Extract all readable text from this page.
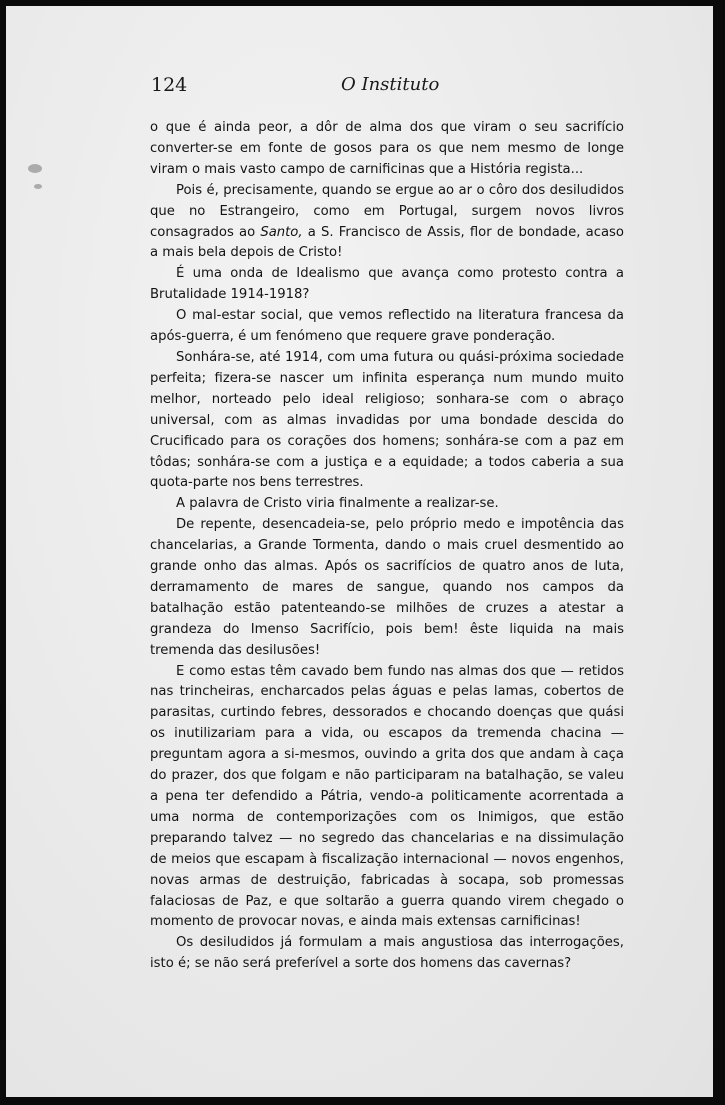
124	O Instituto

o que é ainda peor, a dôr de alma dos que viram o seu sacrifício converter-se em fonte de gosos para os que nem mesmo de longe viram o mais vasto campo de carnificinas que a História regista...

Pois é, precisamente, quando se ergue ao ar o côro dos desiludidos que no Estrangeiro, como em Portugal, surgem novos livros consagrados ao Santo, a S. Francisco de Assis, flor de bondade, acaso a mais bela depois de Cristo!

É uma onda de Idealismo que avança como protesto contra a Brutalidade 1914-1918?

O mal-estar social, que vemos reflectido na literatura francesa da após-guerra, é um fenómeno que requere grave ponderação.

Sonhára-se, até 1914, com uma futura ou quási-próxima sociedade perfeita; fizera-se nascer um infinita esperança num mundo muito melhor, norteado pelo ideal religioso; sonhara-se com o abraço universal, com as almas invadidas por uma bondade descida do Crucificado para os corações dos homens; sonhára-se com a paz em tôdas; sonhára-se com a justiça e a equidade; a todos caberia a sua quota-parte nos bens terrestres.

A palavra de Cristo viria finalmente a realizar-se.

De repente, desencadeia-se, pelo próprio medo e impotência das chancelarias, a Grande Tormenta, dando o mais cruel desmentido ao grande onho das almas. Após os sacrifícios de quatro anos de luta, derramamento de mares de sangue, quando nos campos da batalhação estão patenteando-se milhões de cruzes a atestar a grandeza do Imenso Sacrifício, pois bem! êste liquida na mais tremenda das desilusões!

E como estas têm cavado bem fundo nas almas dos que — retidos nas trincheiras, encharcados pelas águas e pelas lamas, cobertos de parasitas, curtindo febres, dessorados e chocando doenças que quási os inutilizariam para a vida, ou escapos da tremenda chacina — preguntam agora a si-mesmos, ouvindo a grita dos que andam à caça do prazer, dos que folgam e não participaram na batalhação, se valeu a pena ter defendido a Pátria, vendo-a politicamente acorrentada a uma norma de contemporizações com os Inimigos, que estão preparando talvez — no segredo das chancelarias e na dissimulação de meios que escapam à fiscalização internacional — novos engenhos, novas armas de destruição, fabricadas à socapa, sob promessas falaciosas de Paz, e que soltarão a guerra quando virem chegado o momento de provocar novas, e ainda mais extensas carnificinas!

Os desiludidos já formulam a mais angustiosa das interrogações, isto é; se não será preferível a sorte dos homens das cavernas?
